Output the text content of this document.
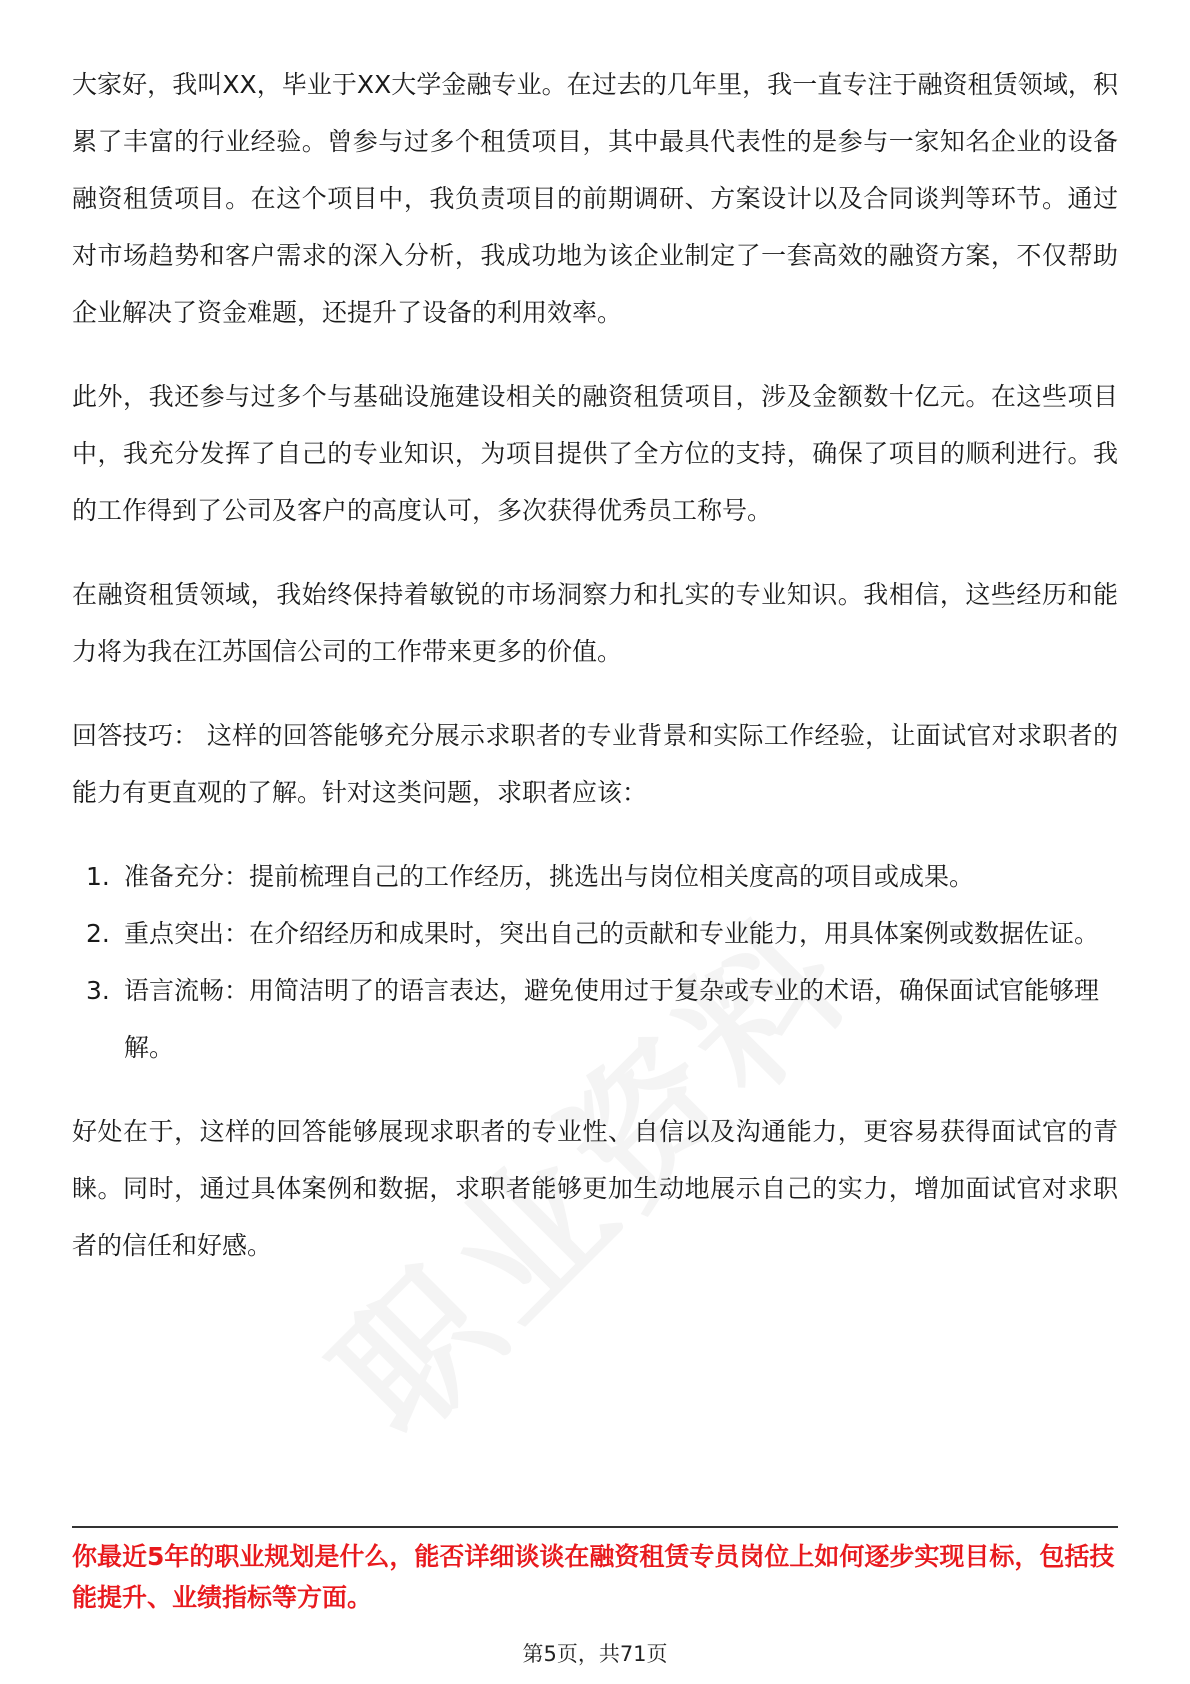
大家好，我叫XX，毕业于XX大学金融专业。在过去的几年里，我一直专注于融资租赁领域，积累了丰富的行业经验。曾参与过多个租赁项目，其中最具代表性的是参与一家知名企业的设备融资租赁项目。在这个项目中，我负责项目的前期调研、方案设计以及合同谈判等环节。通过对市场趋势和客户需求的深入分析，我成功地为该企业制定了一套高效的融资方案，不仅帮助企业解决了资金难题，还提升了设备的利用效率。

此外，我还参与过多个与基础设施建设相关的融资租赁项目，涉及金额数十亿元。在这些项目中，我充分发挥了自己的专业知识，为项目提供了全方位的支持，确保了项目的顺利进行。我的工作得到了公司及客户的高度认可，多次获得优秀员工称号。

在融资租赁领域，我始终保持着敏锐的市场洞察力和扎实的专业知识。我相信，这些经历和能力将为我在江苏国信公司的工作带来更多的价值。

回答技巧： 这样的回答能够充分展示求职者的专业背景和实际工作经验，让面试官对求职者的能力有更直观的了解。针对这类问题，求职者应该：

1. 准备充分：提前梳理自己的工作经历，挑选出与岗位相关度高的项目或成果。
2. 重点突出：在介绍经历和成果时，突出自己的贡献和专业能力，用具体案例或数据佐证。
3. 语言流畅：用简洁明了的语言表达，避免使用过于复杂或专业的术语，确保面试官能够理解。

好处在于，这样的回答能够展现求职者的专业性、自信以及沟通能力，更容易获得面试官的青睐。同时，通过具体案例和数据，求职者能够更加生动地展示自己的实力，增加面试官对求职者的信任和好感。

你最近5年的职业规划是什么，能否详细谈谈在融资租赁专员岗位上如何逐步实现目标，包括技能提升、业绩指标等方面。
第5页，共71页
